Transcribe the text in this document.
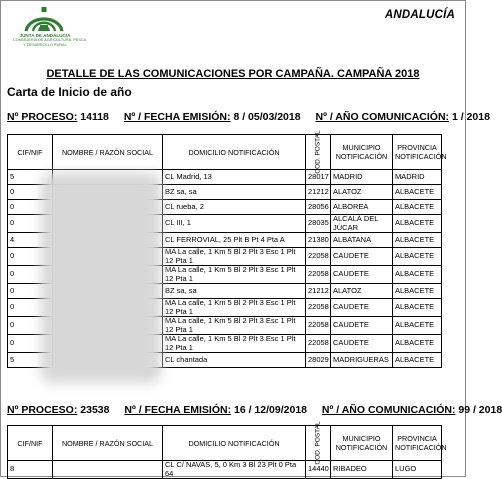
JUNTA DE ANDALUCIA
CONSEJERÍA DE AGRICULTURA, PESCA
Y DESARROLLO RURAL
ANDALUCÍA
DETALLE DE LAS COMUNICACIONES POR CAMPAÑA. CAMPAÑA 2018
Carta de Inicio de año
Nº PROCESO: 14118 Nº / FECHA EMISIÓN: 8 / 05/03/2018 Nº / AÑO COMUNICACIÓN: 1 / 2018
CIF/NIF	NOMBRE / RAZÓN SOCIAL	DOMICILIO NOTIFICACIÓN	COD. POSTAL	MUNICIPIO NOTIFICACIÓN	PROVINCIA NOTIFICACIÓN
5		CL Madrid, 13	28017	MADRID	MADRID
0		BZ sa, sa	21212	ALATOZ	ALBACETE
0		CL rueba, 2	28056	ALBOREA	ALBACETE
0		CL III, 1	28035	ALCALÁ DEL JÚCAR	ALBACETE
4		CL FERROVIAL, 25 Plt B Pt 4 Pta A	21380	ALBATANA	ALBACETE
0		MA La calle, 1 Km 5 Bl 2 Plt 3 Esc 1 Plt 12 Pta 1	22058	CAUDETE	ALBACETE
0		MA La calle, 1 Km 5 Bl 2 Plt 3 Esc 1 Plt 12 Pta 1	22058	CAUDETE	ALBACETE
0		BZ sa, sa	21212	ALATOZ	ALBACETE
0		MA La calle, 1 Km 5 Bl 2 Plt 3 Esc 1 Plt 12 Pta 1	22058	CAUDETE	ALBACETE
0		MA La calle, 1 Km 5 Bl 2 Plt 3 Esc 1 Plt 12 Pta 1	22058	CAUDETE	ALBACETE
0		MA La calle, 1 Km 5 Bl 2 Plt 3 Esc 1 Plt 12 Pta 1	22058	CAUDETE	ALBACETE
5		CL chantada	28029	MADRIGUERAS	ALBACETE
Nº PROCESO: 23538 Nº / FECHA EMISIÓN: 16 / 12/09/2018 Nº / AÑO COMUNICACIÓN: 99 / 2018
CIF/NIF	NOMBRE / RAZÓN SOCIAL	DOMICILIO NOTIFICACIÓN	COD. POSTAL	MUNICIPIO NOTIFICACIÓN	PROVINCIA NOTIFICACIÓN
8		CL C/ NAVAS, 5, 0 Km 3 Bl 23 Plt 0 Pta 64	14440	RIBADEO	LUGO
